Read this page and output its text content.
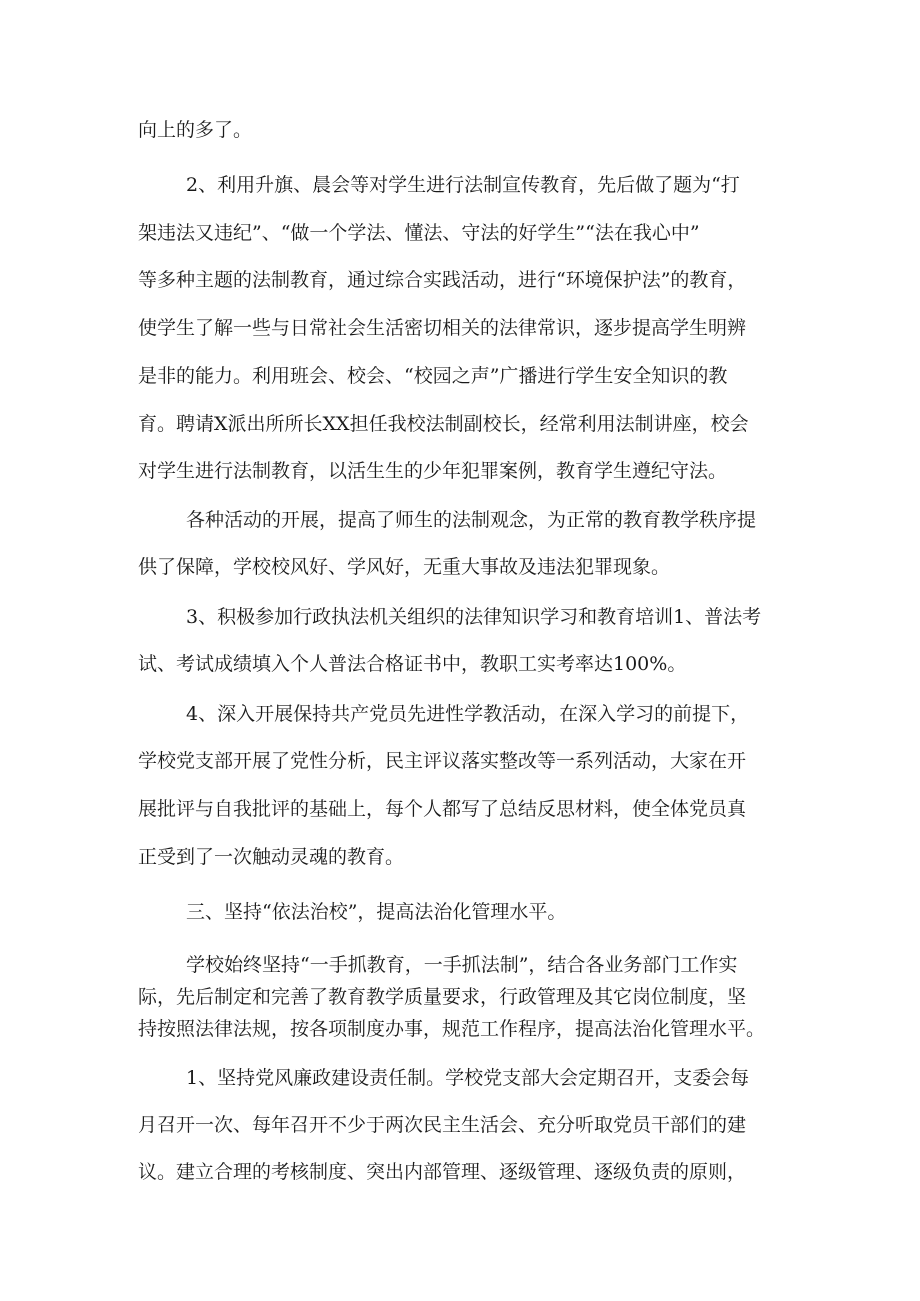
向上的多了。
2、利用升旗、晨会等对学生进行法制宣传教育，先后做了题为“打
架违法又违纪”、“做一个学法、懂法、守法的好学生”“法在我心中”
等多种主题的法制教育，通过综合实践活动，进行“环境保护法”的教育，
使学生了解一些与日常社会生活密切相关的法律常识，逐步提高学生明辨
是非的能力。利用班会、校会、“校园之声”广播进行学生安全知识的教
育。聘请X派出所所长XX担任我校法制副校长，经常利用法制讲座，校会
对学生进行法制教育，以活生生的少年犯罪案例，教育学生遵纪守法。
各种活动的开展，提高了师生的法制观念，为正常的教育教学秩序提
供了保障，学校校风好、学风好，无重大事故及违法犯罪现象。
3、积极参加行政执法机关组织的法律知识学习和教育培训1、普法考
试、考试成绩填入个人普法合格证书中，教职工实考率达100%。
4、深入开展保持共产党员先进性学教活动，在深入学习的前提下，
学校党支部开展了党性分析，民主评议落实整改等一系列活动，大家在开
展批评与自我批评的基础上，每个人都写了总结反思材料，使全体党员真
正受到了一次触动灵魂的教育。
三、坚持“依法治校”，提高法治化管理水平。
学校始终坚持“一手抓教育，一手抓法制”，结合各业务部门工作实
际，先后制定和完善了教育教学质量要求，行政管理及其它岗位制度，坚
持按照法律法规，按各项制度办事，规范工作程序，提高法治化管理水平。
1、坚持党风廉政建设责任制。学校党支部大会定期召开，支委会每
月召开一次、每年召开不少于两次民主生活会、充分听取党员干部们的建
议。建立合理的考核制度、突出内部管理、逐级管理、逐级负责的原则，
